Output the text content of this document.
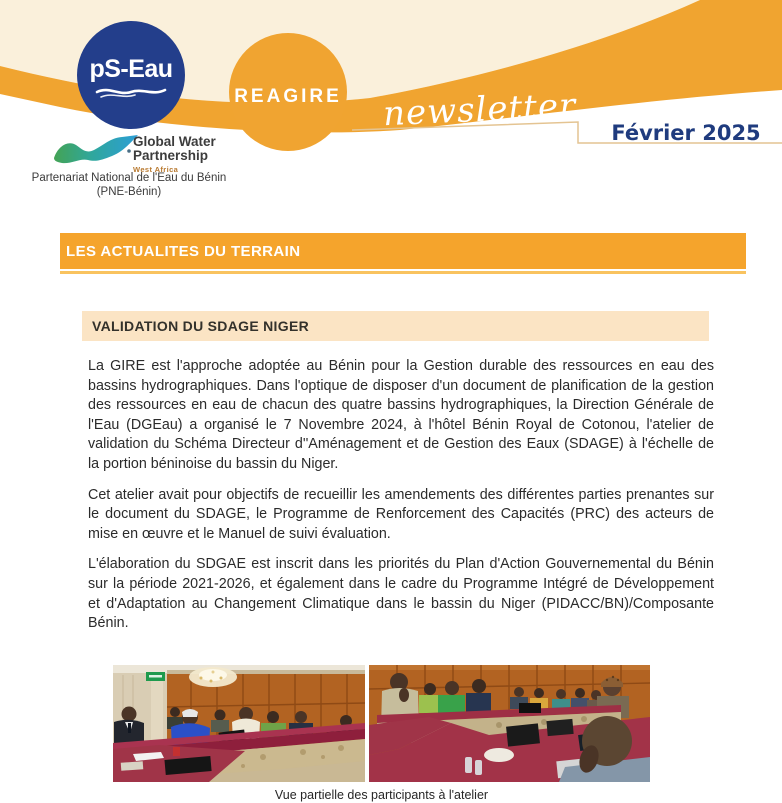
pS-Eau
REAGIRE newsletter	Février 2025
Global Water
Partnership
West Africa
Partenariat National de l'Eau du Bénin
(PNE-Bénin)
LES ACTUALITES DU TERRAIN
VALIDATION DU SDAGE NIGER

La GIRE est l'approche adoptée au Bénin pour la Gestion durable des ressources en eau des bassins hydrographiques. Dans l'optique de disposer d'un document de planification de la gestion des ressources en eau de chacun des quatre bassins hydrographiques, la Direction Générale de l'Eau (DGEau) a organisé le 7 Novembre 2024, à l'hôtel Bénin Royal de Cotonou, l'atelier de validation du Schéma Directeur d''Aménagement et de Gestion des Eaux (SDAGE) à l'échelle de la portion béninoise du bassin du Niger.

Cet atelier avait pour objectifs de recueillir les amendements des différentes parties prenantes sur le document du SDAGE, le Programme de Renforcement des Capacités (PRC) des acteurs de mise en œuvre et le Manuel de suivi évaluation.

L'élaboration du SDGAE est inscrit dans les priorités du Plan d'Action Gouvernemental du Bénin sur la période 2021-2026, et également dans le cadre du Programme Intégré de Développement et d'Adaptation au Changement Climatique dans le bassin du Niger (PIDACC/BN)/Composante Bénin.

Vue partielle des participants à l'atelier
